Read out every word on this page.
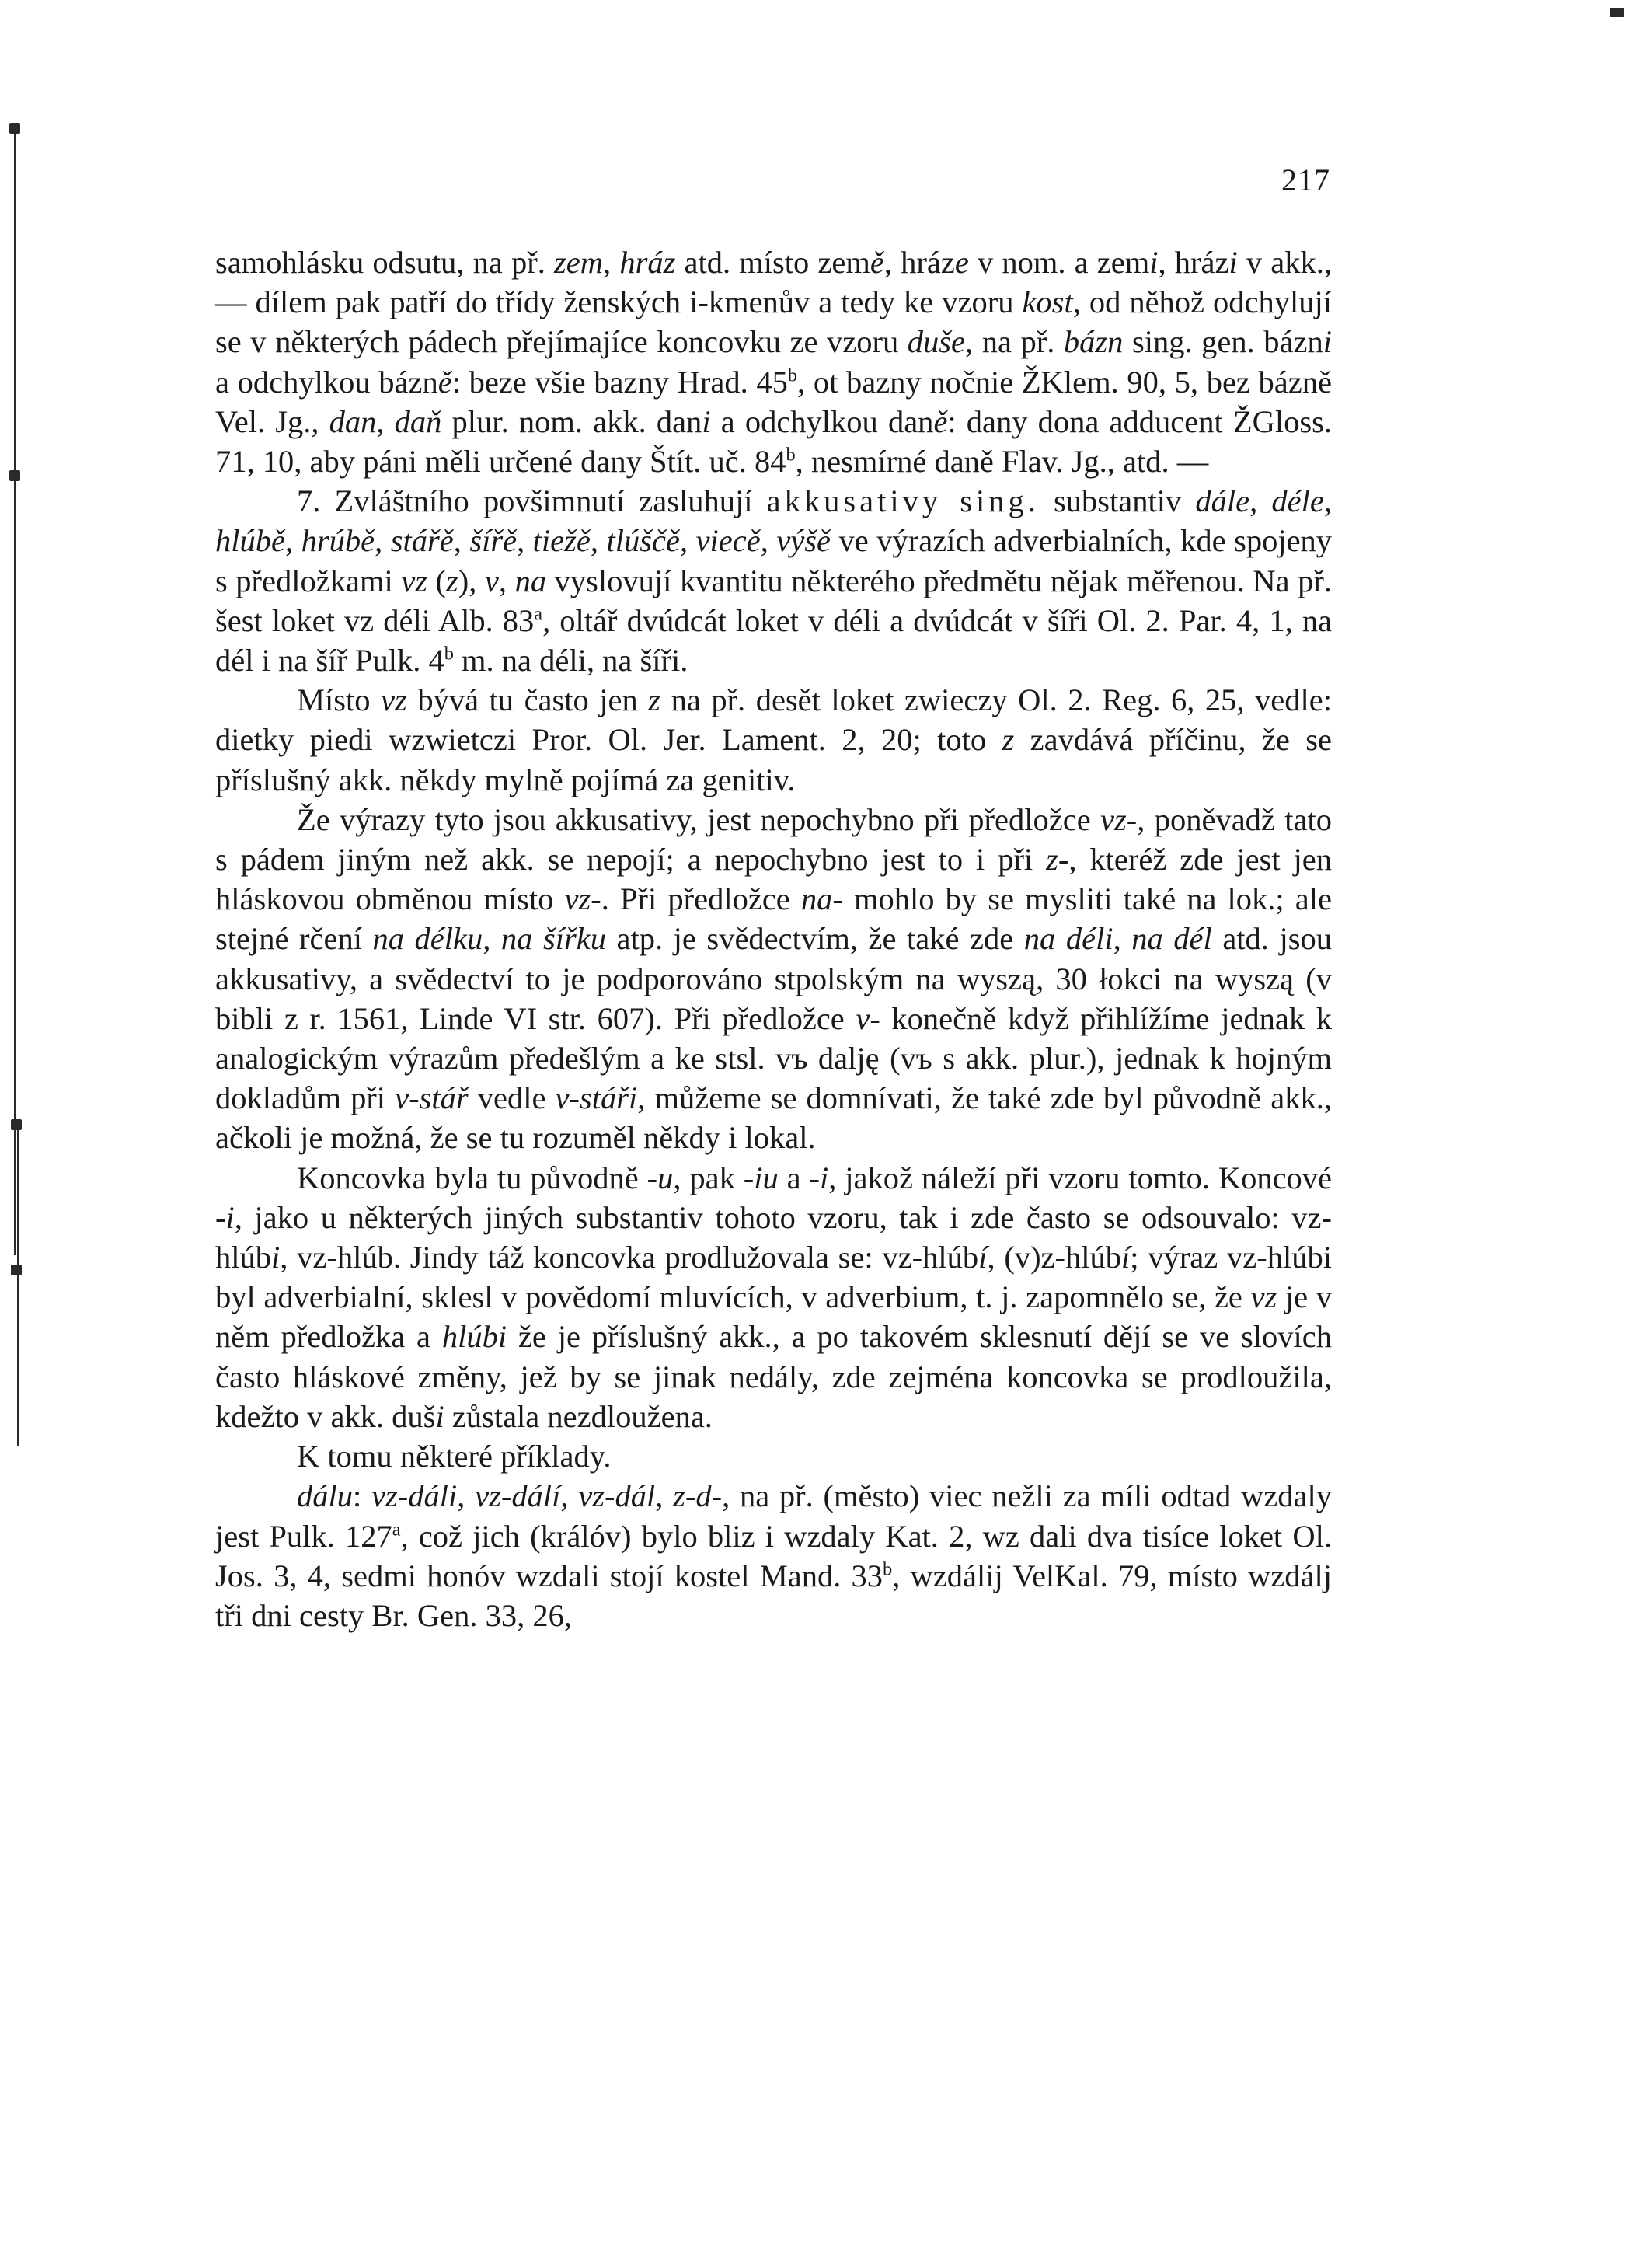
217

samohlásku odsutu, na př. zem, hráz atd. místo země, hráze v nom. a zemi, hrázi v akk., — dílem pak patří do třídy ženských i-kmenův a tedy ke vzoru kost, od něhož odchylují se v některých pádech přejímajíce koncovku ze vzoru duše, na př. bázn sing. gen. bázni a odchylkou bázně: beze všie bazny Hrad. 45$^b$, ot bazny nočnie ŽKlem. 90, 5, bez bázně Vel. Jg., dan, daň plur. nom. akk. dani a odchylkou daně: dany dona adducent ŽGloss. 71, 10, aby páni měli určené dany Štít. uč. 84$^b$, nesmírné daně Flav. Jg., atd. —

7. Zvláštního povšimnutí zasluhují akkusativy sing. substantiv dále, déle, hlúbě, hrúbě, stářě, šířě, tiežě, tlúščě, viecě, výšě ve výrazích adverbialních, kde spojeny s předložkami vz (z), v, na vyslovují kvantitu některého předmětu nějak měřenou. Na př. šest loket vz déli Alb. 83$^a$, oltář dvúdcát loket v déli a dvúdcát v šíři Ol. 2. Par. 4, 1, na dél i na šíř Pulk. 4$^b$ m. na déli, na šíři.

Místo vz bývá tu často jen z na př. desět loket zwieczy Ol. 2. Reg. 6, 25, vedle: dietky piedi wzwietczi Pror. Ol. Jer. Lament. 2, 20; toto z zavdává příčinu, že se příslušný akk. někdy mylně pojímá za genitiv.

Že výrazy tyto jsou akkusativy, jest nepochybno při předložce vz-, poněvadž tato s pádem jiným než akk. se nepojí; a nepochybno jest to i při z-, kteréž zde jest jen hláskovou obměnou místo vz-. Při předložce na- mohlo by se mysliti také na lok.; ale stejné rčení na délku, na šířku atp. je svědectvím, že také zde na déli, na dél atd. jsou akkusativy, a svědectví to je podporováno stpolským na wyszą, 30 łokci na wyszą (v bibli z r. 1561, Linde VI str. 607). Při předložce v- konečně když přihlížíme jednak k analogickým výrazům předešlým a ke stsl. vъ dalję (vъ s akk. plur.), jednak k hojným dokladům při v-stář vedle v-stáři, můžeme se domnívati, že také zde byl původně akk., ačkoli je možná, že se tu rozuměl někdy i lokal.

Koncovka byla tu původně -u, pak -iu a -i, jakož náleží při vzoru tomto. Koncové -i, jako u některých jiných substantiv tohoto vzoru, tak i zde často se odsouvalo: vz-hlúbi, vz-hlúb. Jindy táž koncovka prodlužovala se: vz-hlúbí, (v)z-hlúbí; výraz vz-hlúbi byl adverbialní, sklesl v povědomí mluvících, v adverbium, t. j. zapomnělo se, že vz je v něm předložka a hlúbi že je příslušný akk., a po takovém sklesnutí dějí se ve slovích často hláskové změny, jež by se jinak nedály, zde zejména koncovka se prodloužila, kdežto v akk. duši zůstala nezdloužena.

K tomu některé příklady.

dálu: vz-dáli, vz-dálí, vz-dál, z-d-, na př. (město) viec nežli za míli odtad wzdaly jest Pulk. 127$^a$, což jich (králóv) bylo bliz i wzdaly Kat. 2, wz dali dva tisíce loket Ol. Jos. 3, 4, sedmi honóv wzdali stojí kostel Mand. 33$^b$, wzdálij VelKal. 79, místo wzdálj tři dni cesty Br. Gen. 33, 26,
